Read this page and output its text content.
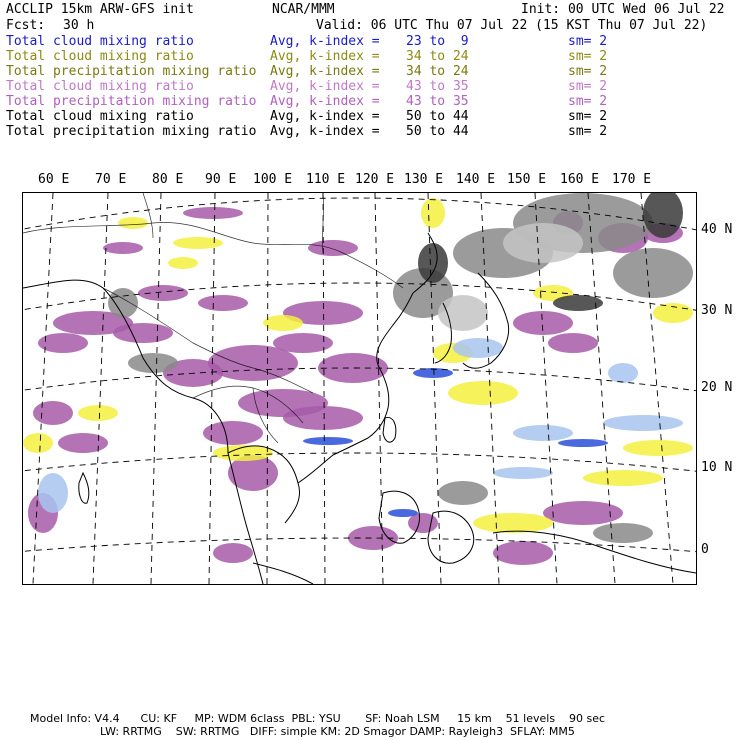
ACCLIP 15km ARW-GFS init	NCAR/MMM	Init: 00 UTC Wed 06 Jul 22
Fcst: 30 h	Valid: 06 UTC Thu 07 Jul 22 (15 KST Thu 07 Jul 22)
Total cloud mixing ratio	Avg, k-index = 23 to  9	sm= 2
Total cloud mixing ratio	Avg, k-index = 34 to 24	sm= 2
Total precipitation mixing ratio Avg, k-index = 34 to 24	sm= 2
Total cloud mixing ratio	Avg, k-index = 43 to 35	sm= 2
Total precipitation mixing ratio Avg, k-index = 43 to 35	sm= 2
Total cloud mixing ratio	Avg, k-index = 50 to 44	sm= 2
Total precipitation mixing ratio Avg, k-index = 50 to 44	sm= 2
60 E 70 E 80 E 90 E 100 E 110 E 120 E 130 E 140 E 150 E 160 E 170 E
40 N
30 N
20 N
10 N
0
Model Info: V4.4      CU: KF     MP: WDM 6class  PBL: YSU       SF: Noah LSM     15 km    51 levels    90 sec
LW: RRTMG    SW: RRTMG   DIFF: simple KM: 2D Smagor DAMP: Rayleigh3  SFLAY: MM5
